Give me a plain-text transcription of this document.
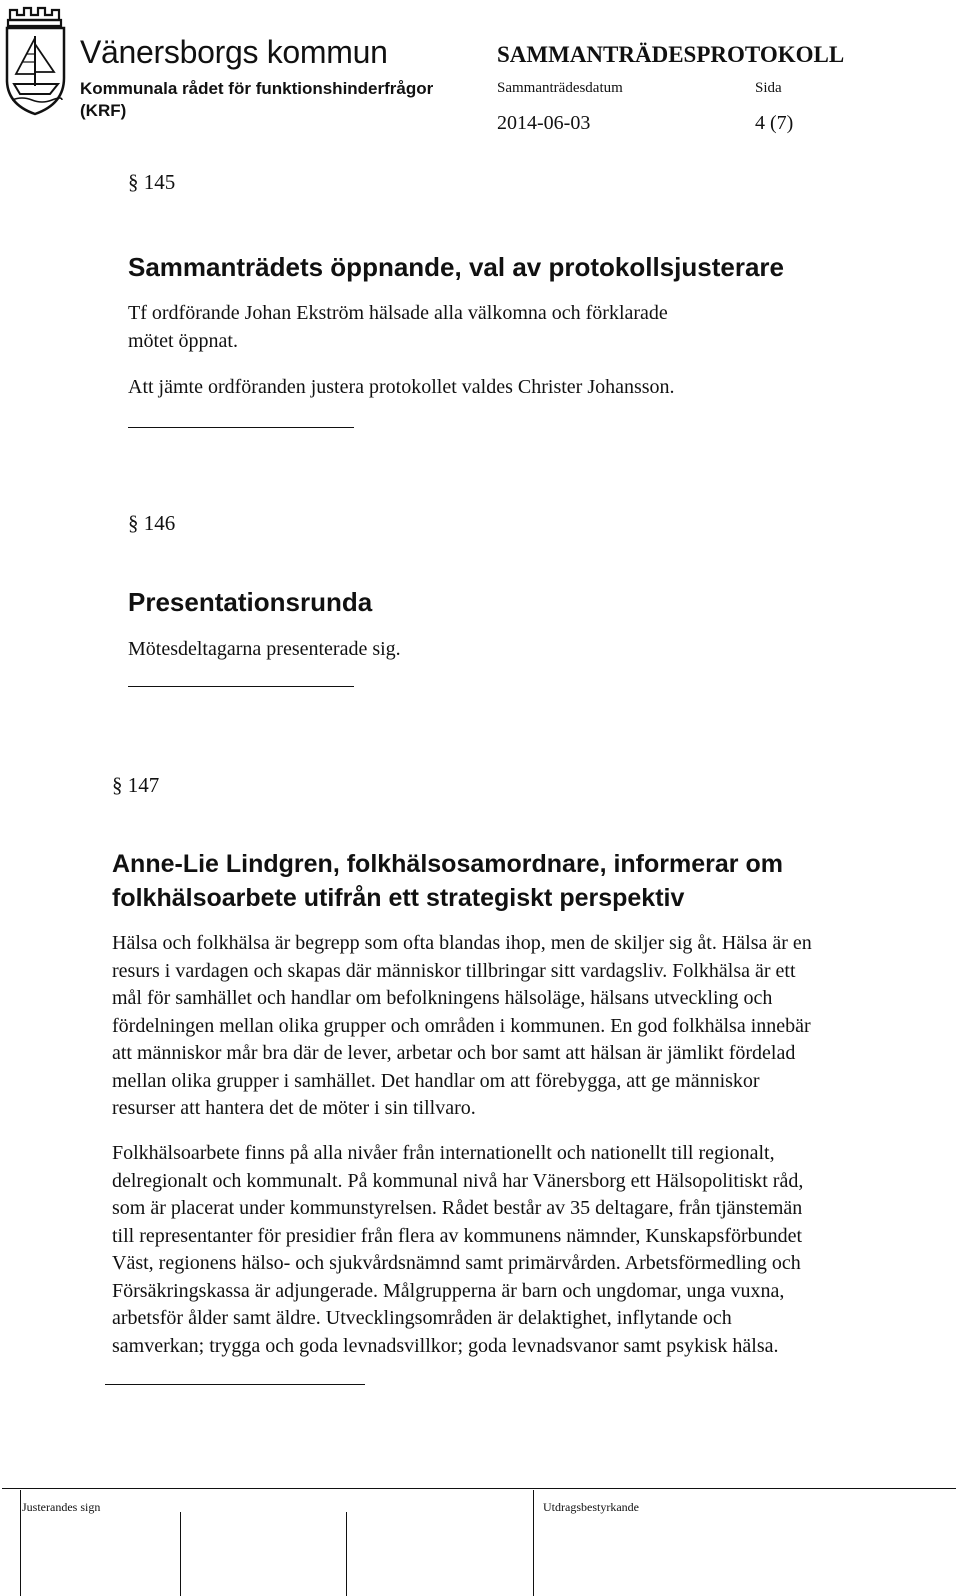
Vänersborgs kommun
Kommunala rådet för funktionshinderfrågor
(KRF)
SAMMANTRÄDESPROTOKOLL
Sammanträdesdatum	Sida
2014-06-03	4 (7)
§ 145
Sammanträdets öppnande, val av protokollsjusterare
Tf ordförande Johan Ekström hälsade alla välkomna och förklarade
mötet öppnat.
Att jämte ordföranden justera protokollet valdes Christer Johansson.
§ 146
Presentationsrunda
Mötesdeltagarna presenterade sig.
§ 147
Anne-Lie Lindgren, folkhälsosamordnare, informerar om
folkhälsoarbete utifrån ett strategiskt perspektiv
Hälsa och folkhälsa är begrepp som ofta blandas ihop, men de skiljer sig åt. Hälsa är en
resurs i vardagen och skapas där människor tillbringar sitt vardagsliv. Folkhälsa är ett
mål för samhället och handlar om befolkningens hälsoläge, hälsans utveckling och
fördelningen mellan olika grupper och områden i kommunen. En god folkhälsa innebär
att människor mår bra där de lever, arbetar och bor samt att hälsan är jämlikt fördelad
mellan olika grupper i samhället. Det handlar om att förebygga, att ge människor
resurser att hantera det de möter i sin tillvaro.
Folkhälsoarbete finns på alla nivåer från internationellt och nationellt till regionalt,
delregionalt och kommunalt. På kommunal nivå har Vänersborg ett Hälsopolitiskt råd,
som är placerat under kommunstyrelsen. Rådet består av 35 deltagare, från tjänstemän
till representanter för presidier från flera av kommunens nämnder, Kunskapsförbundet
Väst, regionens hälso- och sjukvårdsnämnd samt primärvården. Arbetsförmedling och
Försäkringskassa är adjungerade. Målgrupperna är barn och ungdomar, unga vuxna,
arbetsför ålder samt äldre. Utvecklingsområden är delaktighet, inflytande och
samverkan; trygga och goda levnadsvillkor; goda levnadsvanor samt psykisk hälsa.
Justerandes sign	Utdragsbestyrkande
